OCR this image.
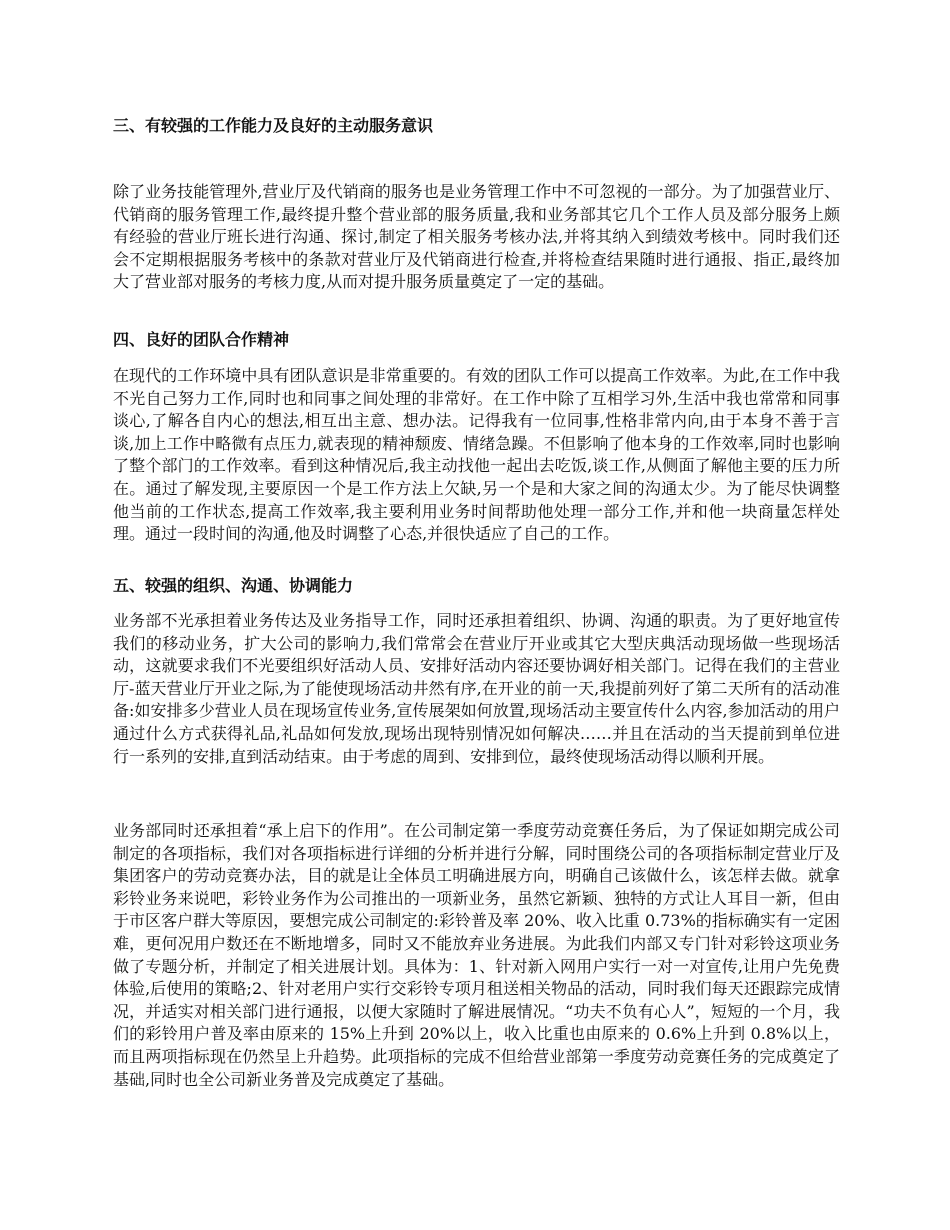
三、有较强的工作能力及良好的主动服务意识

除了业务技能管理外,营业厅及代销商的服务也是业务管理工作中不可忽视的一部分。为了加强营业厅、代销商的服务管理工作,最终提升整个营业部的服务质量,我和业务部其它几个工作人员及部分服务上颇有经验的营业厅班长进行沟通、探讨,制定了相关服务考核办法,并将其纳入到绩效考核中。同时我们还会不定期根据服务考核中的条款对营业厅及代销商进行检查,并将检查结果随时进行通报、指正,最终加大了营业部对服务的考核力度,从而对提升服务质量奠定了一定的基础。

四、良好的团队合作精神

在现代的工作环境中具有团队意识是非常重要的。有效的团队工作可以提高工作效率。为此,在工作中我不光自己努力工作,同时也和同事之间处理的非常好。在工作中除了互相学习外,生活中我也常常和同事谈心,了解各自内心的想法,相互出主意、想办法。记得我有一位同事,性格非常内向,由于本身不善于言谈,加上工作中略微有点压力,就表现的精神颓废、情绪急躁。不但影响了他本身的工作效率,同时也影响了整个部门的工作效率。看到这种情况后,我主动找他一起出去吃饭,谈工作,从侧面了解他主要的压力所在。通过了解发现,主要原因一个是工作方法上欠缺,另一个是和大家之间的沟通太少。为了能尽快调整他当前的工作状态,提高工作效率,我主要利用业务时间帮助他处理一部分工作,并和他一块商量怎样处理。通过一段时间的沟通,他及时调整了心态,并很快适应了自己的工作。

五、较强的组织、沟通、协调能力

业务部不光承担着业务传达及业务指导工作，同时还承担着组织、协调、沟通的职责。为了更好地宣传我们的移动业务，扩大公司的影响力,我们常常会在营业厅开业或其它大型庆典活动现场做一些现场活动，这就要求我们不光要组织好活动人员、安排好活动内容还要协调好相关部门。记得在我们的主营业厅-蓝天营业厅开业之际,为了能使现场活动井然有序,在开业的前一天,我提前列好了第二天所有的活动准备:如安排多少营业人员在现场宣传业务,宣传展架如何放置,现场活动主要宣传什么内容,参加活动的用户通过什么方式获得礼品,礼品如何发放,现场出现特别情况如何解决……并且在活动的当天提前到单位进行一系列的安排,直到活动结束。由于考虑的周到、安排到位，最终使现场活动得以顺利开展。

业务部同时还承担着“承上启下的作用”。在公司制定第一季度劳动竞赛任务后，为了保证如期完成公司制定的各项指标，我们对各项指标进行详细的分析并进行分解，同时围绕公司的各项指标制定营业厅及集团客户的劳动竞赛办法，目的就是让全体员工明确进展方向，明确自己该做什么，该怎样去做。就拿彩铃业务来说吧，彩铃业务作为公司推出的一项新业务，虽然它新颖、独特的方式让人耳目一新，但由于市区客户群大等原因，要想完成公司制定的:彩铃普及率 20%、收入比重 0.73%的指标确实有一定困难，更何况用户数还在不断地增多，同时又不能放弃业务进展。为此我们内部又专门针对彩铃这项业务做了专题分析，并制定了相关进展计划。具体为：1、针对新入网用户实行一对一对宣传,让用户先免费体验,后使用的策略;2、针对老用户实行交彩铃专项月租送相关物品的活动，同时我们每天还跟踪完成情况，并适实对相关部门进行通报，以便大家随时了解进展情况。“功夫不负有心人”，短短的一个月，我们的彩铃用户普及率由原来的 15%上升到 20%以上，收入比重也由原来的 0.6%上升到 0.8%以上，而且两项指标现在仍然呈上升趋势。此项指标的完成不但给营业部第一季度劳动竞赛任务的完成奠定了基础,同时也全公司新业务普及完成奠定了基础。
